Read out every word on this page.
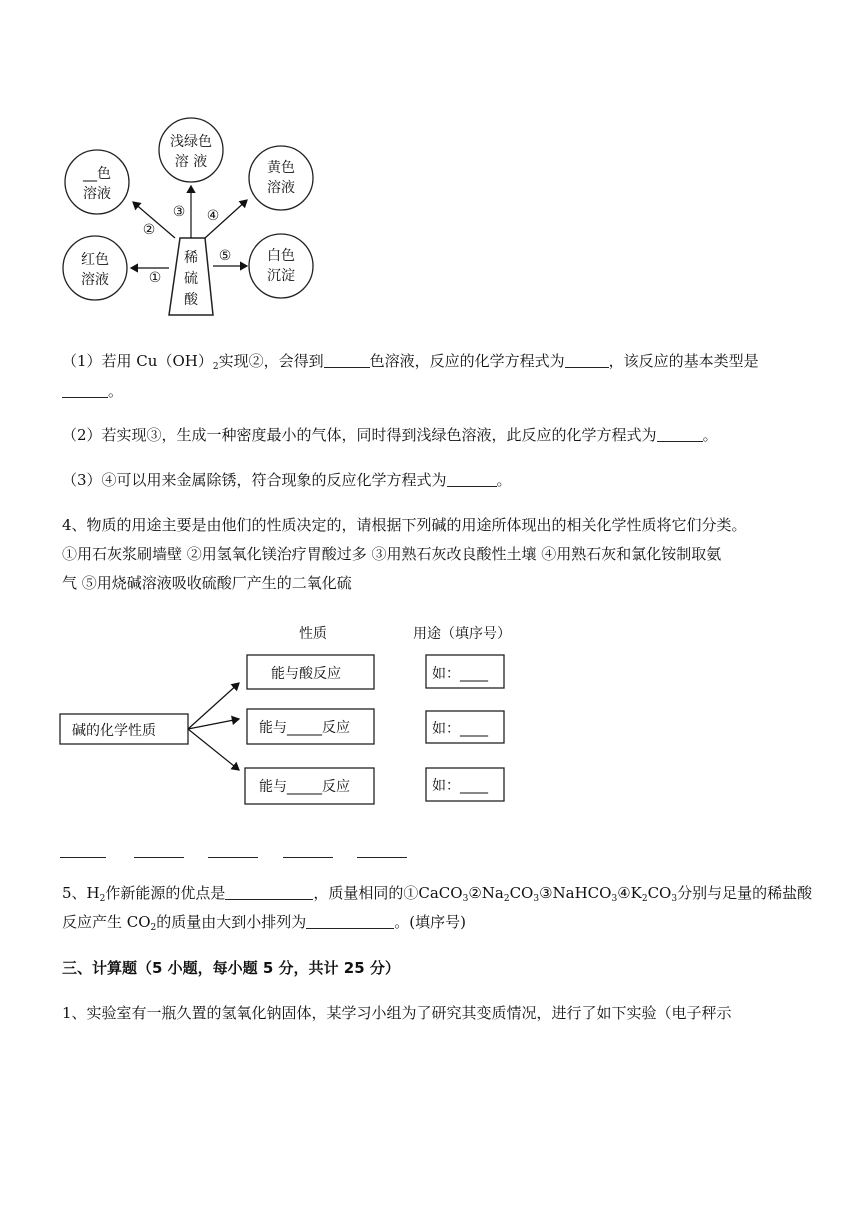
稀
硫
酸
__色
溶液
浅绿色
溶 液	黄色
溶液
红色
溶液
白色
沉淀
①
②
③ ④
⑤
（1）若用 $Cu(OH)_2$实现②，会得到	色溶液，反应的化学方程式为	，该反应的基本类型是
。
（2）若实现③，生成一种密度最小的气体，同时得到浅绿色溶液，此反应的化学方程式为	。
（3）④可以用来金属除锈，符合现象的反应化学方程式为	。
4、物质的用途主要是由他们的性质决定的，请根据下列碱的用途所体现出的相关化学性质将它们分类。
①用石灰浆刷墙壁 ②用氢氧化镁治疗胃酸过多 ③用熟石灰改良酸性土壤 ④用熟石灰和氯化铵制取氨
气 ⑤用烧碱溶液吸收硫酸厂产生的二氧化硫
性质	用途（填序号）
碱的化学性质
能与酸反应
能与_____反应
能与_____反应
如： ____
如： ____
如： ____
5、$H_2$作新能源的优点是	，质量相同的$①CaCO_3②Na_2CO_3③NaHCO_3④K_2CO_3$分别与足量的稀盐酸
反应产生 $CO_2$的质量由大到小排列为	。(填序号)
三、计算题（5 小题，每小题 5 分，共计 25 分）
1、实验室有一瓶久置的氢氧化钠固体，某学习小组为了研究其变质情况，进行了如下实验（电子秤示
